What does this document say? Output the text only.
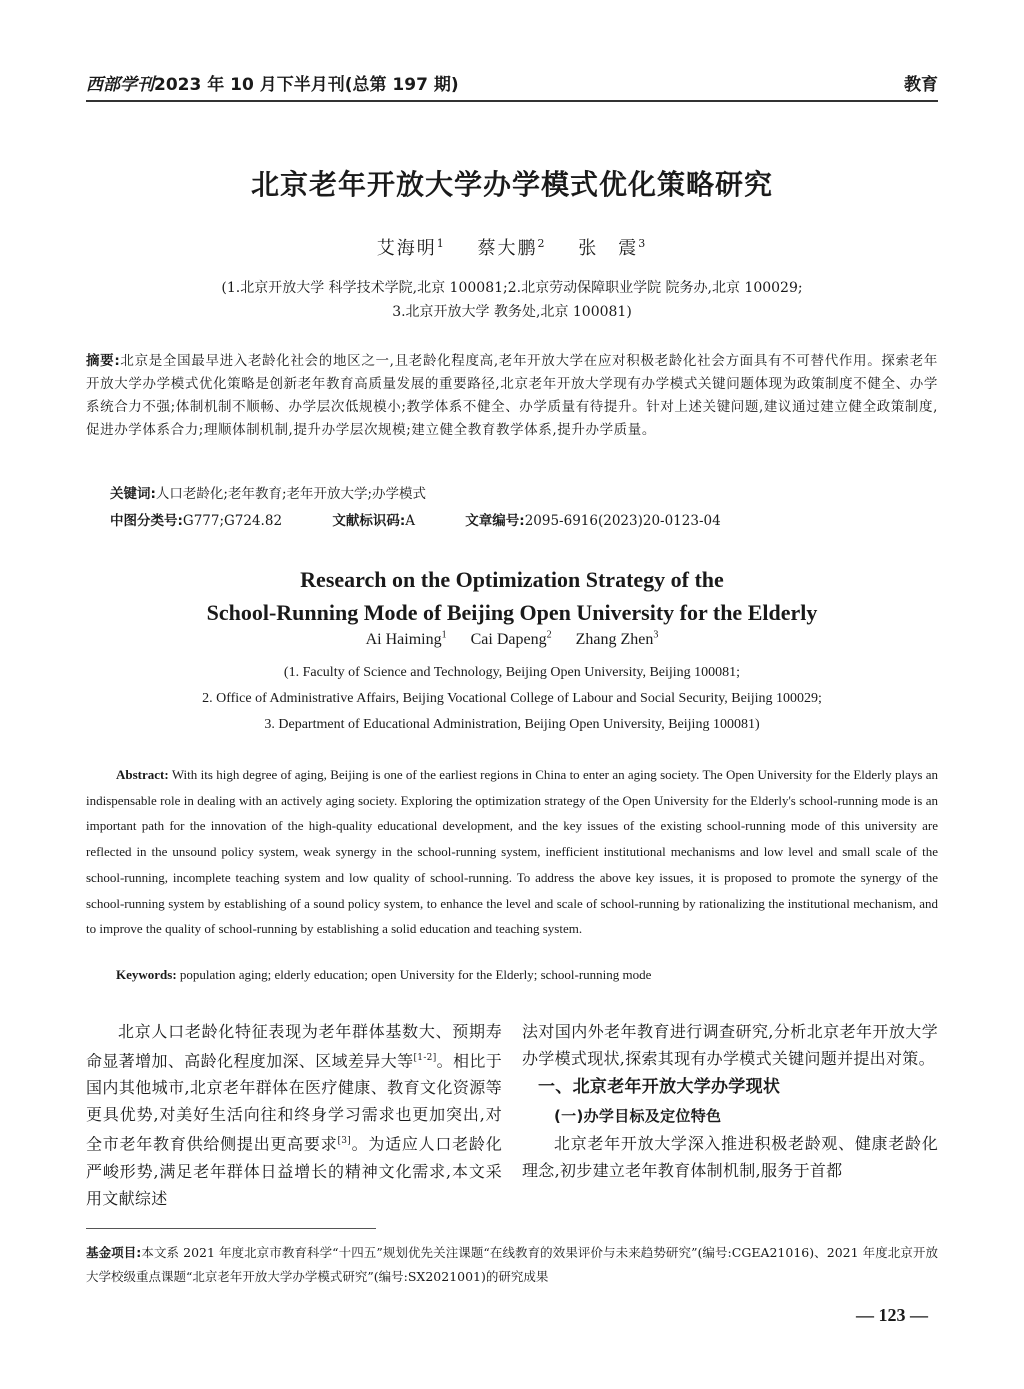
西部学刊2023 年 10 月下半月刊(总第 197 期)	教育
北京老年开放大学办学模式优化策略研究
艾海明$^1$ 蔡大鹏$^2$ 张　震$^3$
(1.北京开放大学 科学技术学院,北京 100081;2.北京劳动保障职业学院 院务办,北京 100029;
3.北京开放大学 教务处,北京 100081)
摘要:北京是全国最早进入老龄化社会的地区之一,且老龄化程度高,老年开放大学在应对积极老龄化社会方面具有不可替代作用。探索老年开放大学办学模式优化策略是创新老年教育高质量发展的重要路径,北京老年开放大学现有办学模式关键问题体现为政策制度不健全、办学系统合力不强;体制机制不顺畅、办学层次低规模小;教学体系不健全、办学质量有待提升。针对上述关键问题,建议通过建立健全政策制度,促进办学体系合力;理顺体制机制,提升办学层次规模;建立健全教育教学体系,提升办学质量。
关键词:人口老龄化;老年教育;老年开放大学;办学模式
中图分类号:G777;G724.82	文献标识码:A	文章编号:2095-6916(2023)20-0123-04
Research on the Optimization Strategy of the
School-Running Mode of Beijing Open University for the Elderly
Ai Haiming$^1$ Cai Dapeng$^2$ Zhang Zhen$^3$
(1. Faculty of Science and Technology, Beijing Open University, Beijing 100081;
2. Office of Administrative Affairs, Beijing Vocational College of Labour and Social Security, Beijing 100029;
3. Department of Educational Administration, Beijing Open University, Beijing 100081)
Abstract: With its high degree of aging, Beijing is one of the earliest regions in China to enter an aging society. The Open University for the Elderly plays an indispensable role in dealing with an actively aging society. Exploring the optimization strategy of the Open University for the Elderly's school-running mode is an important path for the innovation of the high-quality educational development, and the key issues of the existing school-running mode of this university are reflected in the unsound policy system, weak synergy in the school-running system, inefficient institutional mechanisms and low level and small scale of the school-running, incomplete teaching system and low quality of school-running. To address the above key issues, it is proposed to promote the synergy of the school-running system by establishing of a sound policy system, to enhance the level and scale of school-running by rationalizing the institutional mechanism, and to improve the quality of school-running by establishing a solid education and teaching system.
Keywords: population aging; elderly education; open University for the Elderly; school-running mode

北京人口老龄化特征表现为老年群体基数大、预期寿命显著增加、高龄化程度加深、区域差异大等[1-2]。相比于国内其他城市,北京老年群体在医疗健康、教育文化资源等更具优势,对美好生活向往和终身学习需求也更加突出,对全市老年教育供给侧提出更高要求[3]。为适应人口老龄化严峻形势,满足老年群体日益增长的精神文化需求,本文采用文献综述

法对国内外老年教育进行调查研究,分析北京老年开放大学办学模式现状,探索其现有办学模式关键问题并提出对策。

一、北京老年开放大学办学现状

(一)办学目标及定位特色

北京老年开放大学深入推进积极老龄观、健康老龄化理念,初步建立老年教育体制机制,服务于首都

基金项目:本文系 2021 年度北京市教育科学“十四五”规划优先关注课题“在线教育的效果评价与未来趋势研究”(编号:CGEA21016)、2021 年度北京开放大学校级重点课题“北京老年开放大学办学模式研究”(编号:SX2021001)的研究成果
— 123 —
